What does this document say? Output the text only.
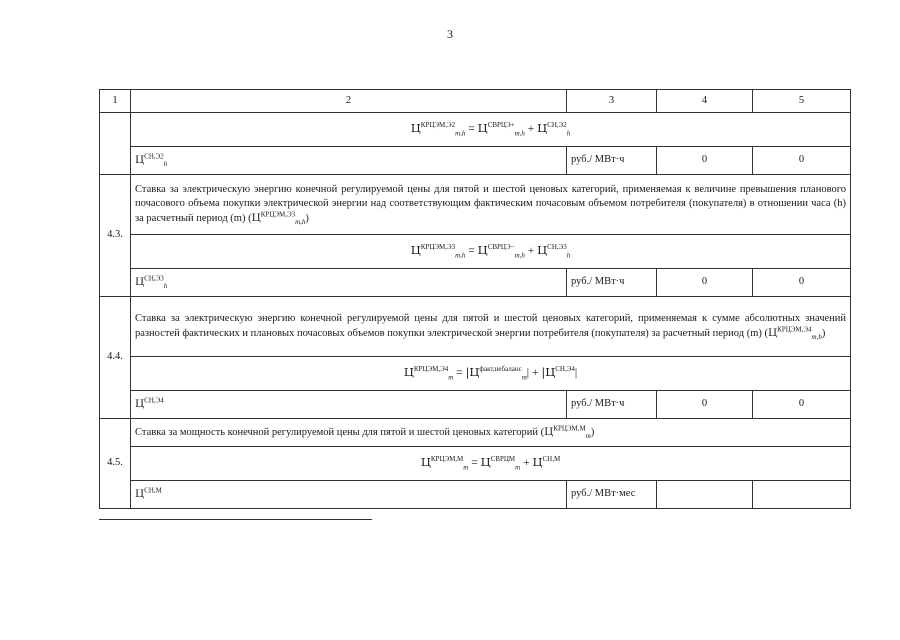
3
1	2	3	4	5
	$Ц^{КРЦЭМ,Э2}_{m,h} = Ц^{СВРЦЭ+}_{m,h} + Ц^{СН,Э2}_h$
	$Ц^{СН,Э2}_h$	руб./ МВт·ч	0	0
4.3.	Ставка за электрическую энергию конечной регулируемой цены для пятой и шестой ценовых категорий, применяемая к величине превышения планового почасового объема покупки электрической энергии над соответствующим фактическим почасовым объемом потребителя (покупателя) в отношении часа (h) за расчетный период (m) $(Ц^{КРЦЭМ,Э3}_{m,h})$			
	$Ц^{КРЦЭМ,Э3}_{m,h} = Ц^{СВРЦЭ-}_{m,h} + Ц^{СН,Э3}_h$
	$Ц^{СН,Э3}_h$	руб./ МВт·ч	0	0
4.4.	Ставка за электрическую энергию конечной регулируемой цены для пятой и шестой ценовых категорий, применяемая к сумме абсолютных значений разностей фактических и плановых почасовых объемов покупки электрической энергии потребителя (покупателя) за расчетный период (m) $(Ц^{КРЦЭМ,Э4}_{m,h})$			
	$Ц^{КРЦЭМ,Э4}_m = |Ц^{факт,небаланс}_m| + |Ц^{СН,Э4}|$			
	$Ц^{СН,Э4}$	руб./ МВт·ч	0	0
4.5.	Ставка за мощность конечной регулируемой цены для пятой и шестой ценовых категорий $(Ц^{КРЦЭМ,М}_m)$			
	$Ц^{КРЦЭМ,М}_m = Ц^{СВРЦМ}_m + Ц^{СН,М}$
	$Ц^{СН,М}$	руб./ МВт·мес		
